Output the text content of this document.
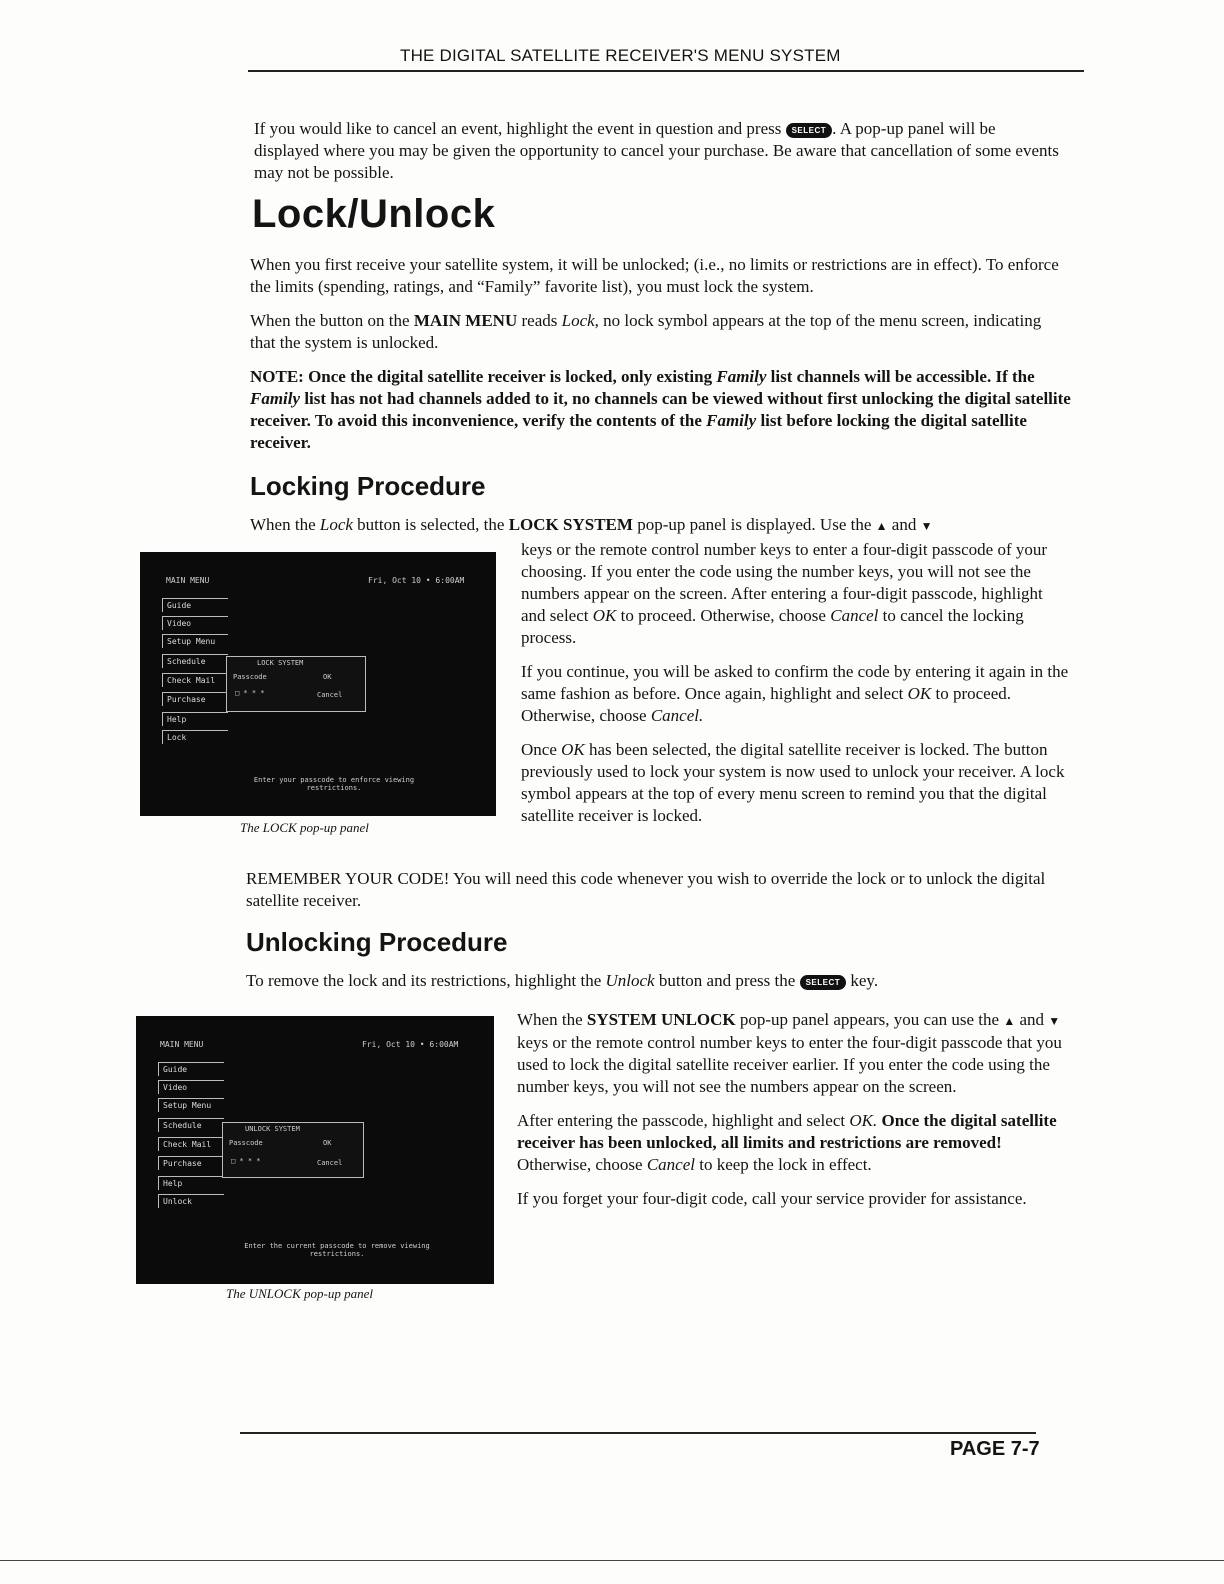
THE DIGITAL SATELLITE RECEIVER'S MENU SYSTEM

If you would like to cancel an event, highlight the event in question and press SELECT . A pop-up panel will be displayed where you may be given the opportunity to cancel your purchase. Be aware that cancellation of some events may not be possible.

Lock/Unlock

When you first receive your satellite system, it will be unlocked; (i.e., no limits or restrictions are in effect). To enforce the limits (spending, ratings, and “Family” favorite list), you must lock the system.

When the button on the MAIN MENU reads Lock, no lock symbol appears at the top of the menu screen, indicating that the system is unlocked.

NOTE: Once the digital satellite receiver is locked, only existing Family list channels will be accessible. If the Family list has not had channels added to it, no channels can be viewed without first unlocking the digital satellite receiver. To avoid this inconvenience, verify the contents of the Family list before locking the digital satellite receiver.

Locking Procedure

When the Lock button is selected, the LOCK SYSTEM pop-up panel is displayed. Use the ▲ and ▼

MAIN MENU	Fri, Oct 10 • 6:00AM
Guide
Video
Setup Menu
Schedule
Check Mail
Purchase
Help
Lock
LOCK SYSTEM
Passcode	OK
□ * * *	Cancel
Enter your passcode to enforce viewing restrictions.
The LOCK pop-up panel

keys or the remote control number keys to enter a four-digit passcode of your choosing. If you enter the code using the number keys, you will not see the numbers appear on the screen. After entering a four-digit passcode, highlight and select OK to proceed. Otherwise, choose Cancel to cancel the locking process.

If you continue, you will be asked to confirm the code by entering it again in the same fashion as before. Once again, highlight and select OK to proceed. Otherwise, choose Cancel.

Once OK has been selected, the digital satellite receiver is locked. The button previously used to lock your system is now used to unlock your receiver. A lock symbol appears at the top of every menu screen to remind you that the digital satellite receiver is locked.

REMEMBER YOUR CODE! You will need this code whenever you wish to override the lock or to unlock the digital satellite receiver.

Unlocking Procedure

To remove the lock and its restrictions, highlight the Unlock button and press the SELECT key.

MAIN MENU	Fri, Oct 10 • 6:00AM
Guide
Video
Setup Menu
Schedule
Check Mail
Purchase
Help
Unlock
UNLOCK SYSTEM
Passcode	OK
□ * * *	Cancel
Enter the current passcode to remove viewing restrictions.
The UNLOCK pop-up panel

When the SYSTEM UNLOCK pop-up panel appears, you can use the ▲ and ▼ keys or the remote control number keys to enter the four-digit passcode that you used to lock the digital satellite receiver earlier. If you enter the code using the number keys, you will not see the numbers appear on the screen.

After entering the passcode, highlight and select OK. Once the digital satellite receiver has been unlocked, all limits and restrictions are removed! Otherwise, choose Cancel to keep the lock in effect.

If you forget your four-digit code, call your service provider for assistance.

PAGE 7-7
